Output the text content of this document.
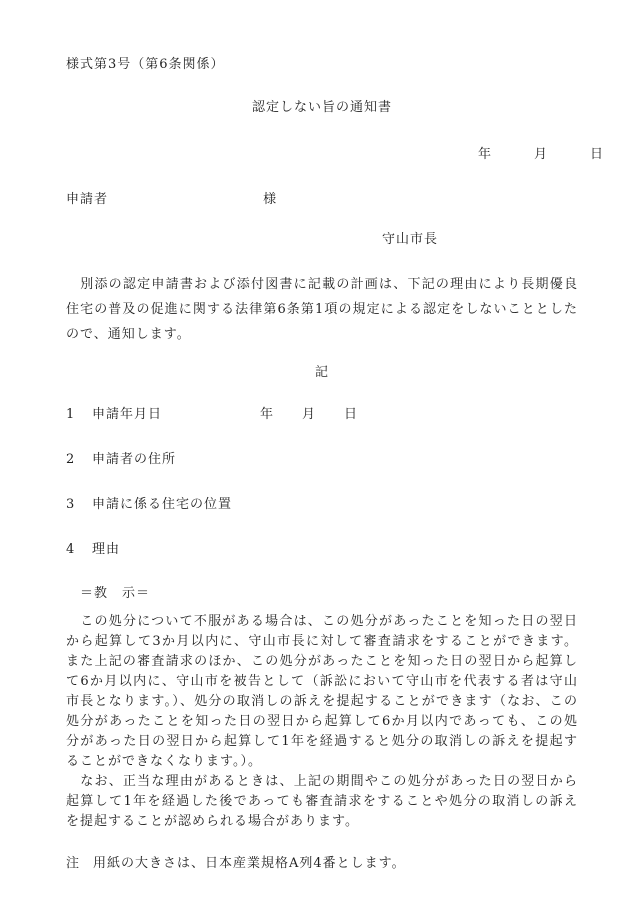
様式第3号（第6条関係）
認定しない旨の通知書
年　　　月　　　日
申請者	様
守山市長

　別添の認定申請書および添付図書に記載の計画は、下記の理由により長期優良住宅の普及の促進に関する法律第6条第1項の規定による認定をしないこととしたので、通知します。

記
1	申請年月日	年　　月　　日
2	申請者の住所
3	申請に係る住宅の位置
4	理由
＝教　示＝

　この処分について不服がある場合は、この処分があったことを知った日の翌日から起算して3か月以内に、守山市長に対して審査請求をすることができます。また上記の審査請求のほか、この処分があったことを知った日の翌日から起算して6か月以内に、守山市を被告として（訴訟において守山市を代表する者は守山市長となります。）、処分の取消しの訴えを提起することができます（なお、この処分があったことを知った日の翌日から起算して6か月以内であっても、この処分があった日の翌日から起算して1年を経過すると処分の取消しの訴えを提起することができなくなります。）。

　なお、正当な理由があるときは、上記の期間やこの処分があった日の翌日から起算して1年を経過した後であっても審査請求をすることや処分の取消しの訴えを提起することが認められる場合があります。

注 用紙の大きさは、日本産業規格A列4番とします。
